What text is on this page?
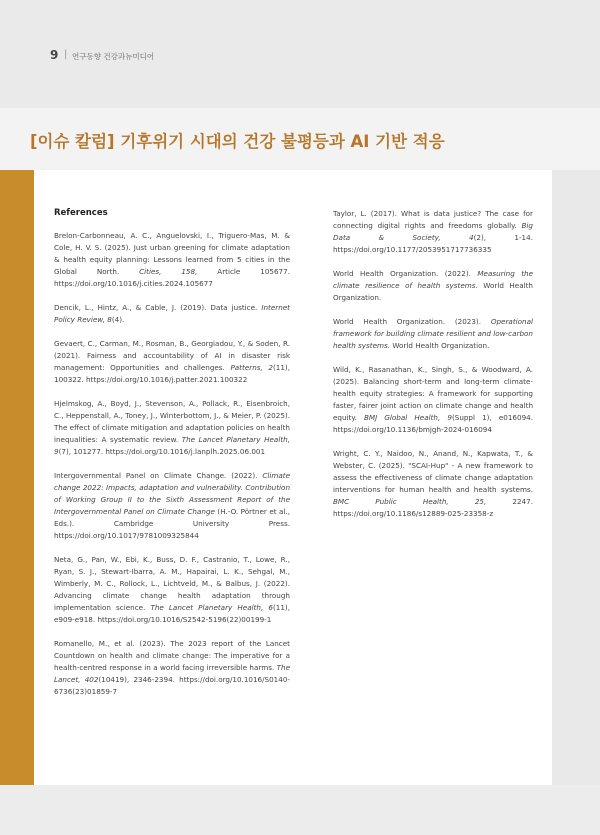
9 | 연구동향 건강과뉴미디어
[이슈 칼럼] 기후위기 시대의 건강 불평등과 AI 기반 적응
References

Brelon-Carbonneau, A. C., Anguelovski, I., Triguero-Mas, M. & Cole, H. V. S. (2025). Just urban greening for climate adaptation & health equity planning: Lessons learned from 5 cities in the Global North. Cities, 158, Article 105677. https://doi.org/10.1016/j.cities.2024.105677

Dencik, L., Hintz, A., & Cable, J. (2019). Data justice. Internet Policy Review, 8(4).

Gevaert, C., Carman, M., Rosman, B., Georgiadou, Y., & Soden, R. (2021). Fairness and accountability of AI in disaster risk management: Opportunities and challenges. Patterns, 2(11), 100322. https://doi.org/10.1016/j.patter.2021.100322

Hjelmskog, A., Boyd, J., Stevenson, A., Pollack, R., Eisenbroich, C., Heppenstall, A., Toney, J., Winterbottom, J., & Meier, P. (2025). The effect of climate mitigation and adaptation policies on health inequalities: A systematic review. The Lancet Planetary Health, 9(7), 101277. https://doi.org/10.1016/j.lanplh.2025.06.001

Intergovernmental Panel on Climate Change. (2022). Climate change 2022: Impacts, adaptation and vulnerability. Contribution of Working Group II to the Sixth Assessment Report of the Intergovernmental Panel on Climate Change (H.-O. Pörtner et al., Eds.). Cambridge University Press. https://doi.org/10.1017/9781009325844

Neta, G., Pan, W., Ebi, K., Buss, D. F., Castranio, T., Lowe, R., Ryan, S. J., Stewart-Ibarra, A. M., Hapairai, L. K., Sehgal, M., Wimberly, M. C., Rollock, L., Lichtveld, M., & Balbus, J. (2022). Advancing climate change health adaptation through implementation science. The Lancet Planetary Health, 6(11), e909-e918. https://doi.org/10.1016/S2542-5196(22)00199-1

Romanello, M., et al. (2023). The 2023 report of the Lancet Countdown on health and climate change: The imperative for a health-centred response in a world facing irreversible harms. The Lancet, 402(10419), 2346-2394. https://doi.org/10.1016/S0140-6736(23)01859-7

Taylor, L. (2017). What is data justice? The case for connecting digital rights and freedoms globally. Big Data & Society, 4(2), 1-14. https://doi.org/10.1177/2053951717736335

World Health Organization. (2022). Measuring the climate resilience of health systems. World Health Organization.

World Health Organization. (2023). Operational framework for building climate resilient and low-carbon health systems. World Health Organization.

Wild, K., Rasanathan, K., Singh, S., & Woodward, A. (2025). Balancing short-term and long-term climate-health equity strategies: A framework for supporting faster, fairer joint action on climate change and health equity. BMJ Global Health, 9(Suppl 1), e016094. https://doi.org/10.1136/bmjgh-2024-016094

Wright, C. Y., Naidoo, N., Anand, N., Kapwata, T., & Webster, C. (2025). "SCAI-Hup" - A new framework to assess the effectiveness of climate change adaptation interventions for human health and health systems. BMC Public Health, 25, 2247. https://doi.org/10.1186/s12889-025-23358-z
